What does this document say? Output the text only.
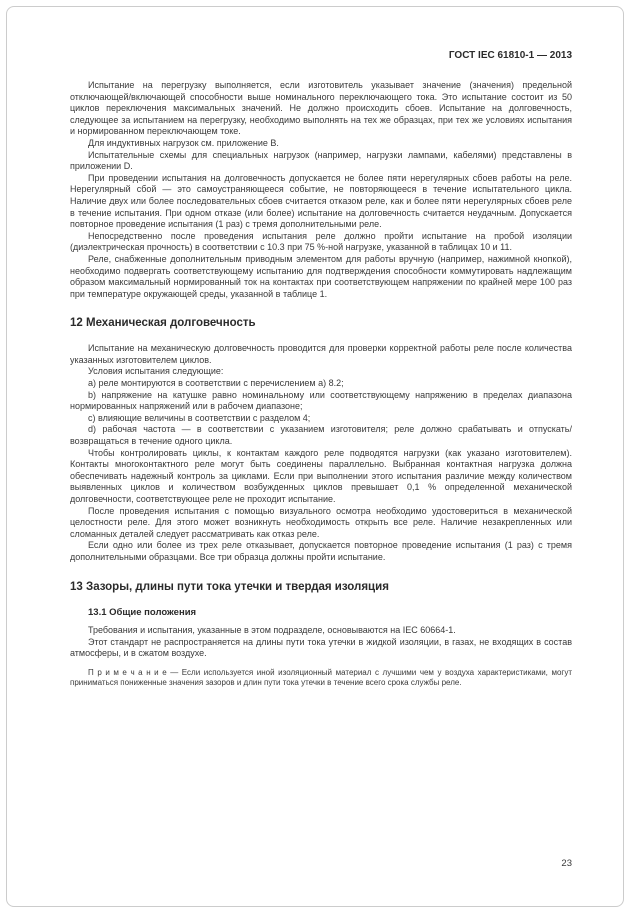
ГОСТ IEC 61810-1 — 2013

Испытание на перегрузку выполняется, если изготовитель указывает значение (значения) предельной отключающей/включающей способности выше номинального переключающего тока. Это испытание состоит из 50 циклов переключения максимальных значений. Не должно происходить сбоев. Испытание на долговечность, следующее за испытанием на перегрузку, необходимо выполнять на тех же образцах, при тех же условиях испытания и нормированном переключающем токе.

Для индуктивных нагрузок см. приложение B.

Испытательные схемы для специальных нагрузок (например, нагрузки лампами, кабелями) представлены в приложении D.

При проведении испытания на долговечность допускается не более пяти нерегулярных сбоев работы на реле. Нерегулярный сбой — это самоустраняющееся событие, не повторяющееся в течение испытательного цикла. Наличие двух или более последовательных сбоев считается отказом реле, как и более пяти нерегулярных сбоев реле в течение испытания. При одном отказе (или более) испытание на долговечность считается неудачным. Допускается повторное проведение испытания (1 раз) с тремя дополнительными реле.

Непосредственно после проведения испытания реле должно пройти испытание на пробой изоляции (диэлектрическая прочность) в соответствии с 10.3 при 75 %-ной нагрузке, указанной в таблицах 10 и 11.

Реле, снабженные дополнительным приводным элементом для работы вручную (например, нажимной кнопкой), необходимо подвергать соответствующему испытанию для подтверждения способности коммутировать надлежащим образом максимальный нормированный ток на контактах при соответствующем напряжении по крайней мере 100 раз при температуре окружающей среды, указанной в таблице 1.

12 Механическая долговечность

Испытание на механическую долговечность проводится для проверки корректной работы реле после количества указанных изготовителем циклов.

Условия испытания следующие:

a) реле монтируются в соответствии с перечислением a) 8.2;

b) напряжение на катушке равно номинальному или соответствующему напряжению в пределах диапазона нормированных напряжений или в рабочем диапазоне;

c) влияющие величины в соответствии с разделом 4;

d) рабочая частота — в соответствии с указанием изготовителя; реле должно срабатывать и отпускать/возвращаться в течение одного цикла.

Чтобы контролировать циклы, к контактам каждого реле подводятся нагрузки (как указано изготовителем). Контакты многоконтактного реле могут быть соединены параллельно. Выбранная контактная нагрузка должна обеспечивать надежный контроль за циклами. Если при выполнении этого испытания различие между количеством выявленных циклов и количеством возбужденных циклов превышает 0,1 % определенной механической долговечности, соответствующее реле не проходит испытание.

После проведения испытания с помощью визуального осмотра необходимо удостовериться в механической целостности реле. Для этого может возникнуть необходимость открыть все реле. Наличие незакрепленных или сломанных деталей следует рассматривать как отказ реле.

Если одно или более из трех реле отказывает, допускается повторное проведение испытания (1 раз) с тремя дополнительными образцами. Все три образца должны пройти испытание.

13 Зазоры, длины пути тока утечки и твердая изоляция

13.1 Общие положения

Требования и испытания, указанные в этом подразделе, основываются на IEC 60664-1.

Этот стандарт не распространяется на длины пути тока утечки в жидкой изоляции, в газах, не входящих в состав атмосферы, и в сжатом воздухе.

П р и м е ч а н и е — Если используется иной изоляционный материал с лучшими чем у воздуха характеристиками, могут приниматься пониженные значения зазоров и длин пути тока утечки в течение всего срока службы реле.

23
